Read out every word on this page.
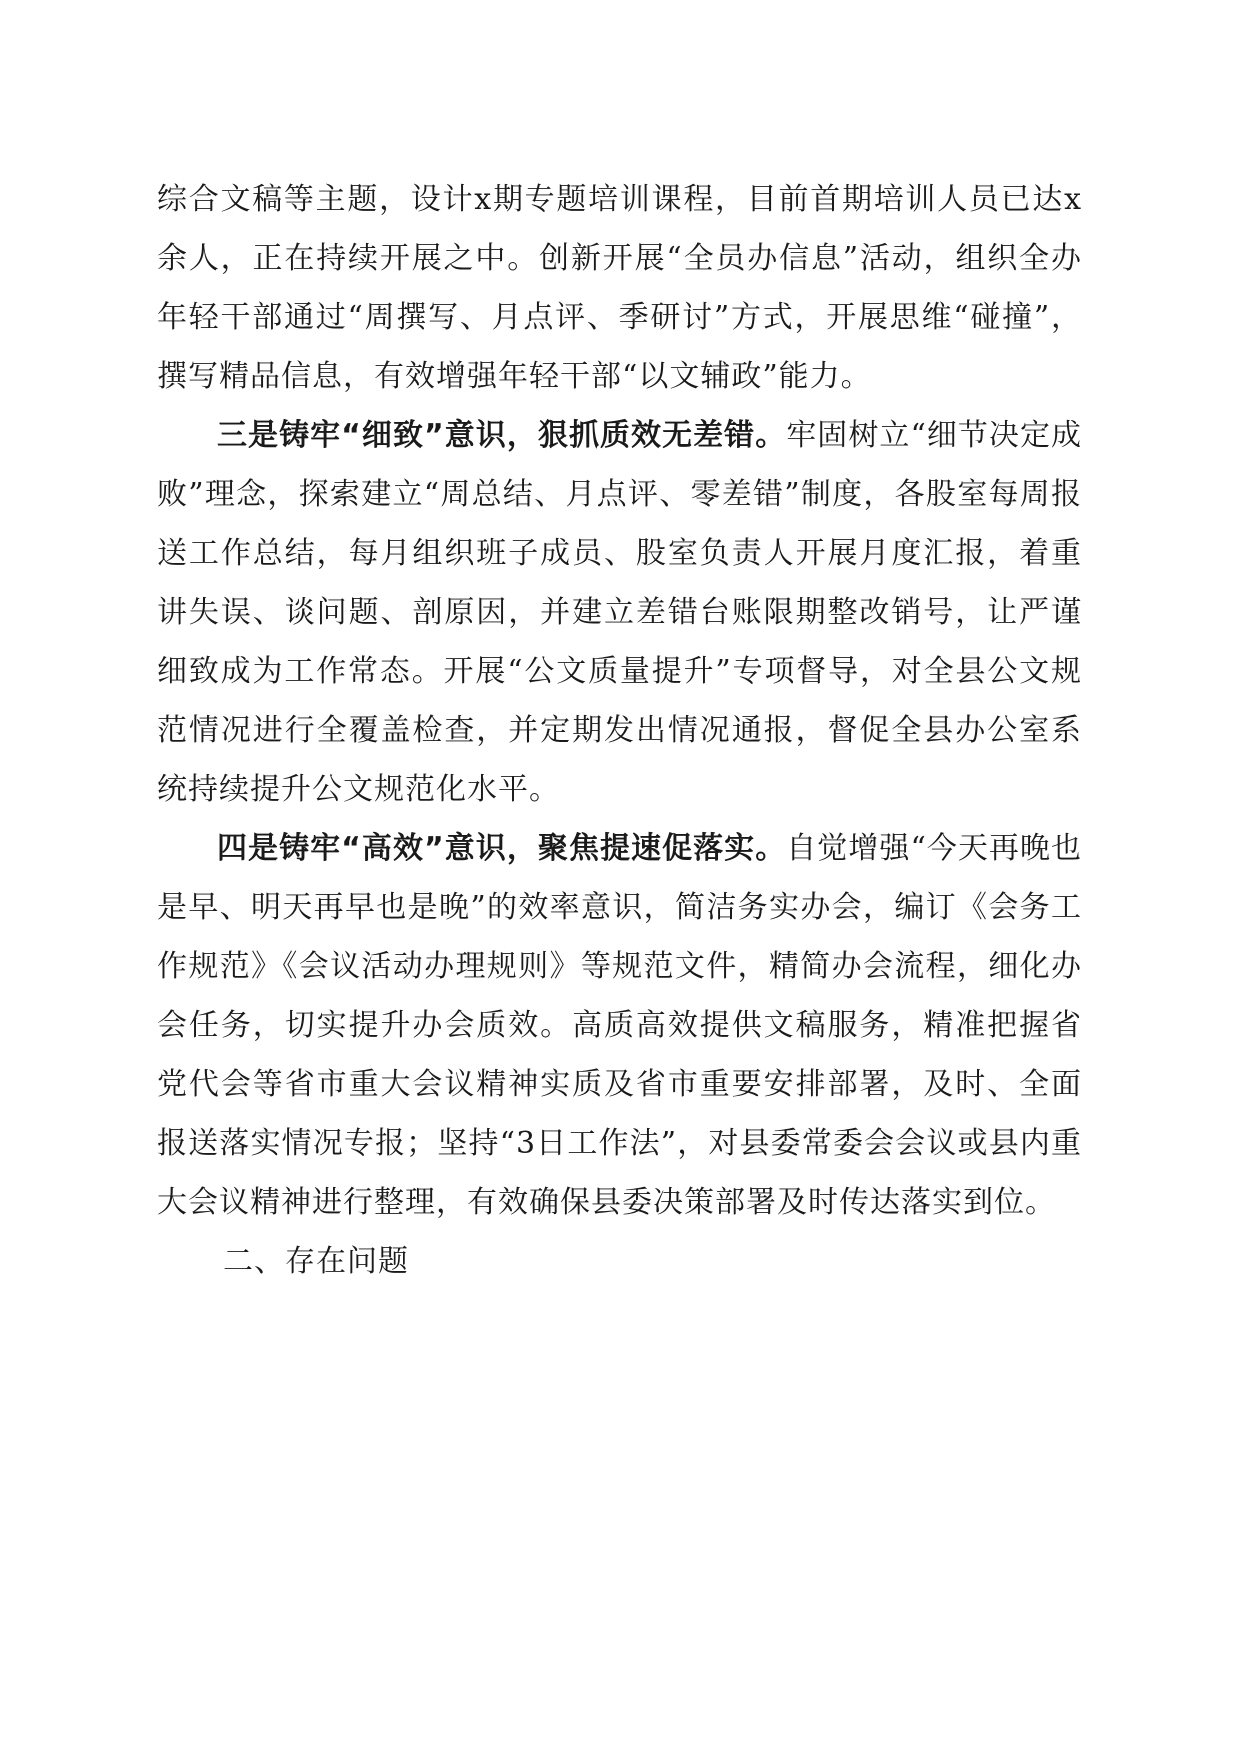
综合文稿等主题，设计x期专题培训课程，目前首期培训人员已达x余人，正在持续开展之中。创新开展“全员办信息”活动，组织全办年轻干部通过“周撰写、月点评、季研讨”方式，开展思维“碰撞”，撰写精品信息，有效增强年轻干部“以文辅政”能力。

三是铸牢“细致”意识，狠抓质效无差错。牢固树立“细节决定成败”理念，探索建立“周总结、月点评、零差错”制度，各股室每周报送工作总结，每月组织班子成员、股室负责人开展月度汇报，着重讲失误、谈问题、剖原因，并建立差错台账限期整改销号，让严谨细致成为工作常态。开展“公文质量提升”专项督导，对全县公文规范情况进行全覆盖检查，并定期发出情况通报，督促全县办公室系统持续提升公文规范化水平。

四是铸牢“高效”意识，聚焦提速促落实。自觉增强“今天再晚也是早、明天再早也是晚”的效率意识，简洁务实办会，编订《会务工作规范》《会议活动办理规则》等规范文件，精简办会流程，细化办会任务，切实提升办会质效。高质高效提供文稿服务，精准把握省党代会等省市重大会议精神实质及省市重要安排部署，及时、全面报送落实情况专报；坚持“3日工作法”，对县委常委会会议或县内重大会议精神进行整理，有效确保县委决策部署及时传达落实到位。

二、存在问题
